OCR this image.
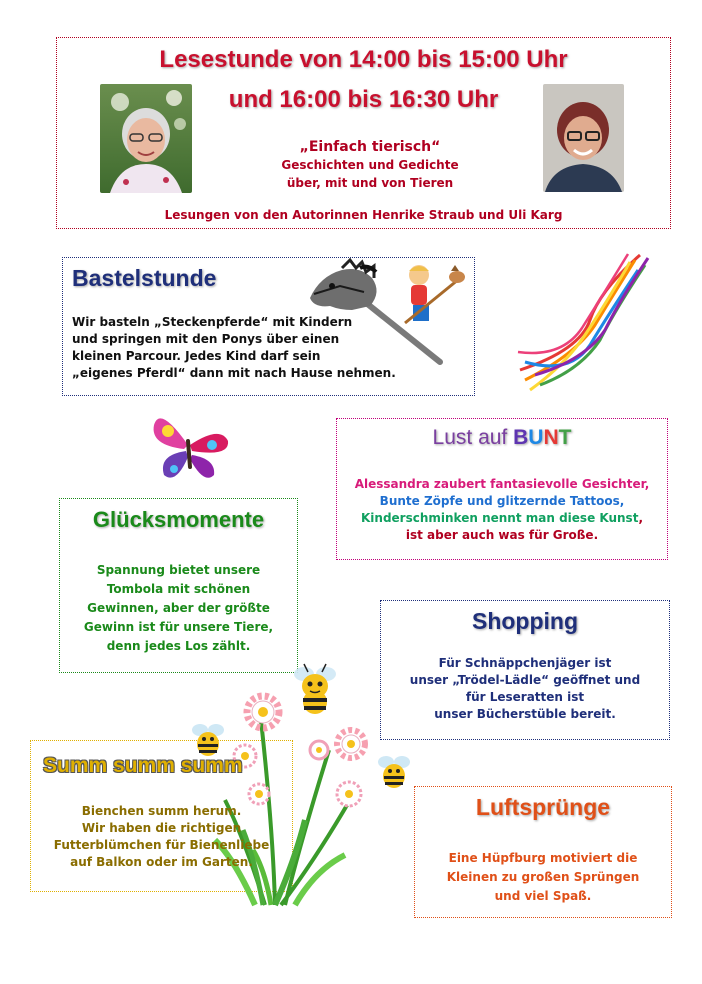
Lesestunde von 14:00 bis 15:00 Uhr
und 16:00 bis 16:30 Uhr
„Einfach tierisch“
Geschichten und Gedichte
über, mit und von Tieren
Lesungen von den Autorinnen Henrike Straub und Uli Karg
Bastelstunde
Wir basteln „Steckenpferde“ mit Kindern
und springen mit den Ponys über einen
kleinen Parcour. Jedes Kind darf sein
„eigenes Pferdl“ dann mit nach Hause nehmen.
Lust auf BUNT
Alessandra zaubert fantasievolle Gesichter,
Bunte Zöpfe und glitzernde Tattoos,
Kinderschminken nennt man diese Kunst,
ist aber auch was für Große.
Glücksmomente
Spannung bietet unsere
Tombola mit schönen
Gewinnen, aber der größte
Gewinn ist für unsere Tiere,
denn jedes Los zählt.
Shopping
Für Schnäppchenjäger ist
unser „Trödel-Lädle“ geöffnet und
für Leseratten ist
unser Bücherstüble bereit.
Summ summ summ
Bienchen summ herum.
Wir haben die richtigen
Futterblümchen für Bienenliebe
auf Balkon oder im Garten.
Luftsprünge
Eine Hüpfburg motiviert die
Kleinen zu großen Sprüngen
und viel Spaß.
